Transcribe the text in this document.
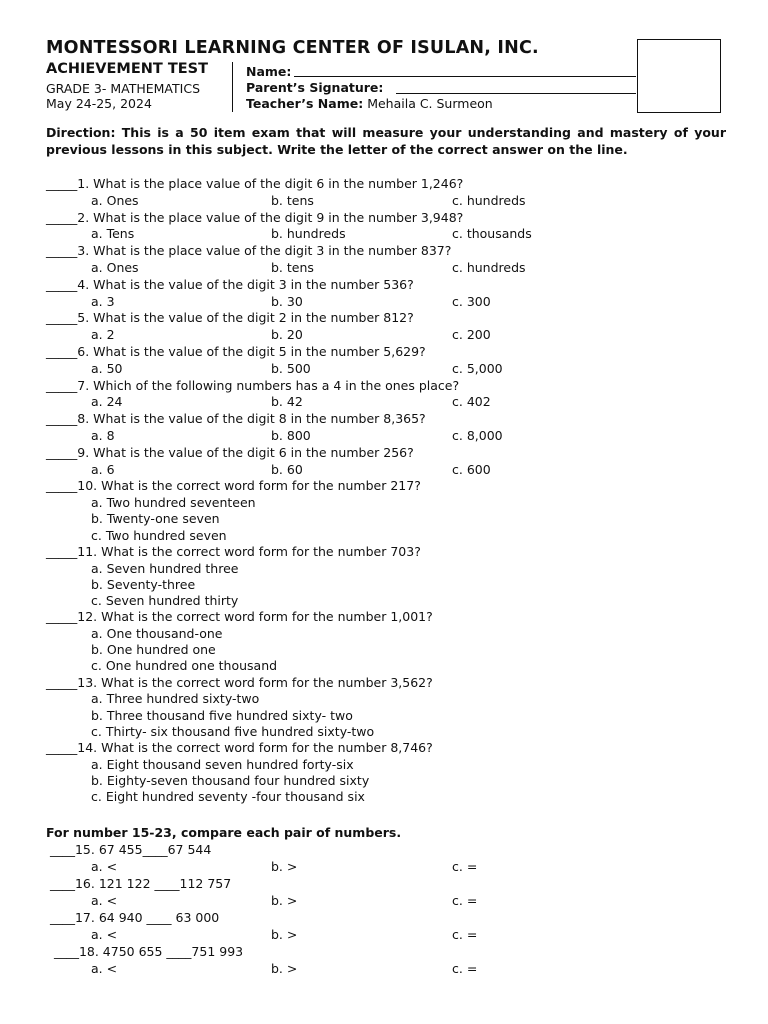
MONTESSORI LEARNING CENTER OF ISULAN, INC.
ACHIEVEMENT TEST
GRADE 3- MATHEMATICS
May 24-25, 2024
Name:
Parent’s Signature:
Teacher’s Name: Mehaila C. Surmeon
Direction: This is a 50 item exam that will measure your understanding and mastery of your previous lessons in this subject. Write the letter of the correct answer on the line.
_____1. What is the place value of the digit 6 in the number 1,246?
a. Ones	b. tens	c. hundreds
_____2. What is the place value of the digit 9 in the number 3,948?
a. Tens	b. hundreds	c. thousands
_____3. What is the place value of the digit 3 in the number 837?
a. Ones	b. tens	c. hundreds
_____4. What is the value of the digit 3 in the number 536?
a. 3	b. 30	c. 300
_____5. What is the value of the digit 2 in the number 812?
a. 2	b. 20	c. 200
_____6. What is the value of the digit 5 in the number 5,629?
a. 50	b. 500	c. 5,000
_____7. Which of the following numbers has a 4 in the ones place?
a. 24	b. 42	c. 402
_____8. What is the value of the digit 8 in the number 8,365?
a. 8	b. 800	c. 8,000
_____9. What is the value of the digit 6 in the number 256?
a. 6	b. 60	c. 600
_____10. What is the correct word form for the number 217?
a. Two hundred seventeen
b. Twenty-one seven
c. Two hundred seven
_____11. What is the correct word form for the number 703?
a. Seven hundred three
b. Seventy-three
c. Seven hundred thirty
_____12. What is the correct word form for the number 1,001?
a. One thousand-one
b. One hundred one
c. One hundred one thousand
_____13. What is the correct word form for the number 3,562?
a. Three hundred sixty-two
b. Three thousand five hundred sixty- two
c. Thirty- six thousand five hundred sixty-two
_____14. What is the correct word form for the number 8,746?
a. Eight thousand seven hundred forty-six
b. Eighty-seven thousand four hundred sixty
c. Eight hundred seventy -four thousand six
For number 15-23, compare each pair of numbers.
____15. 67 455____67 544
a. <	b. >	c. =
____16. 121 122 ____112 757
a. <	b. >	c. =
____17. 64 940 ____ 63 000
a. <	b. >	c. =
____18. 4750 655 ____751 993
a. <	b. >	c. =
